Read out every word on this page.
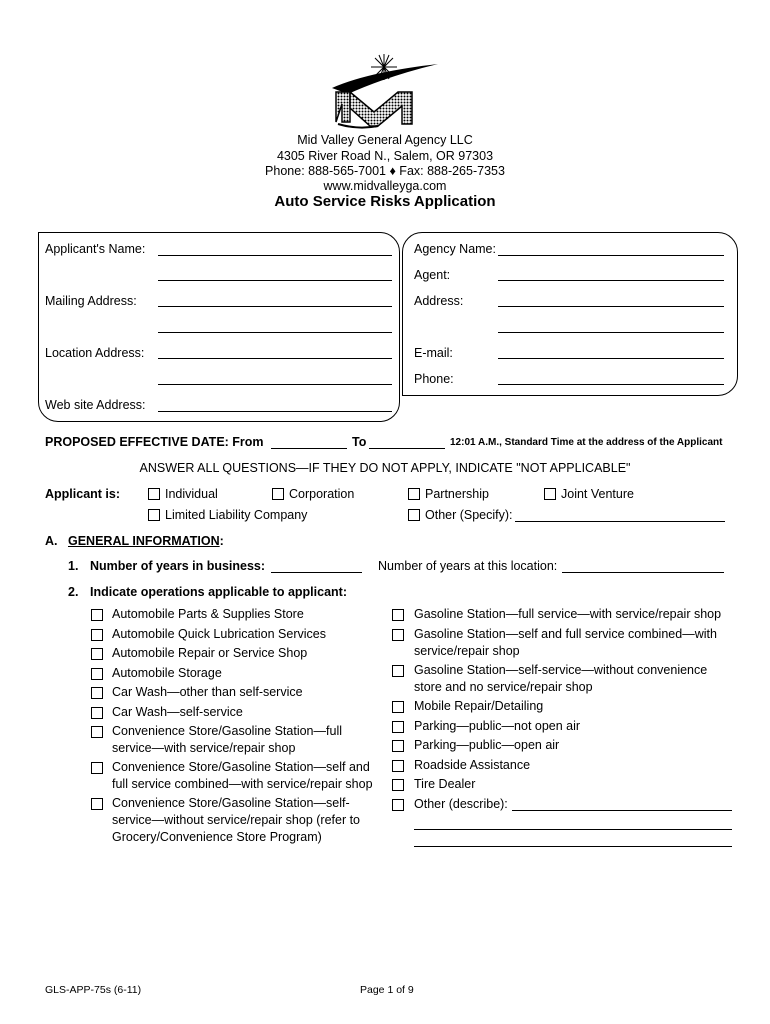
Mid Valley General Agency LLC
4305 River Road N., Salem, OR 97303
Phone: 888-565-7001 ♦ Fax: 888-265-7353
www.midvalleyga.com
Auto Service Risks Application
Applicant's Name:
Mailing Address:
Location Address:
Web site Address:
Agency Name:
Agent:
Address:
E-mail:
Phone:
PROPOSED EFFECTIVE DATE: From	To	12:01 A.M., Standard Time at the address of the Applicant
ANSWER ALL QUESTIONS—IF THEY DO NOT APPLY, INDICATE "NOT APPLICABLE"
Applicant is:	Individual	Corporation	Partnership	Joint Venture
Limited Liability Company	Other (Specify):
A. GENERAL INFORMATION:
1. Number of years in business:	Number of years at this location:
2. Indicate operations applicable to applicant:
Automobile Parts & Supplies Store
Automobile Quick Lubrication Services
Automobile Repair or Service Shop
Automobile Storage
Car Wash—other than self-service
Car Wash—self-service
Convenience Store/Gasoline Station—full service—with service/repair shop
Convenience Store/Gasoline Station—self and full service combined—with service/repair shop
Convenience Store/Gasoline Station—self-service—without service/repair shop (refer to Grocery/Convenience Store Program)
Gasoline Station—full service—with service/repair shop
Gasoline Station—self and full service combined—with service/repair shop
Gasoline Station—self-service—without convenience store and no service/repair shop
Mobile Repair/Detailing
Parking—public—not open air
Parking—public—open air
Roadside Assistance
Tire Dealer
Other (describe):
GLS-APP-75s (6-11)	Page 1 of 9
